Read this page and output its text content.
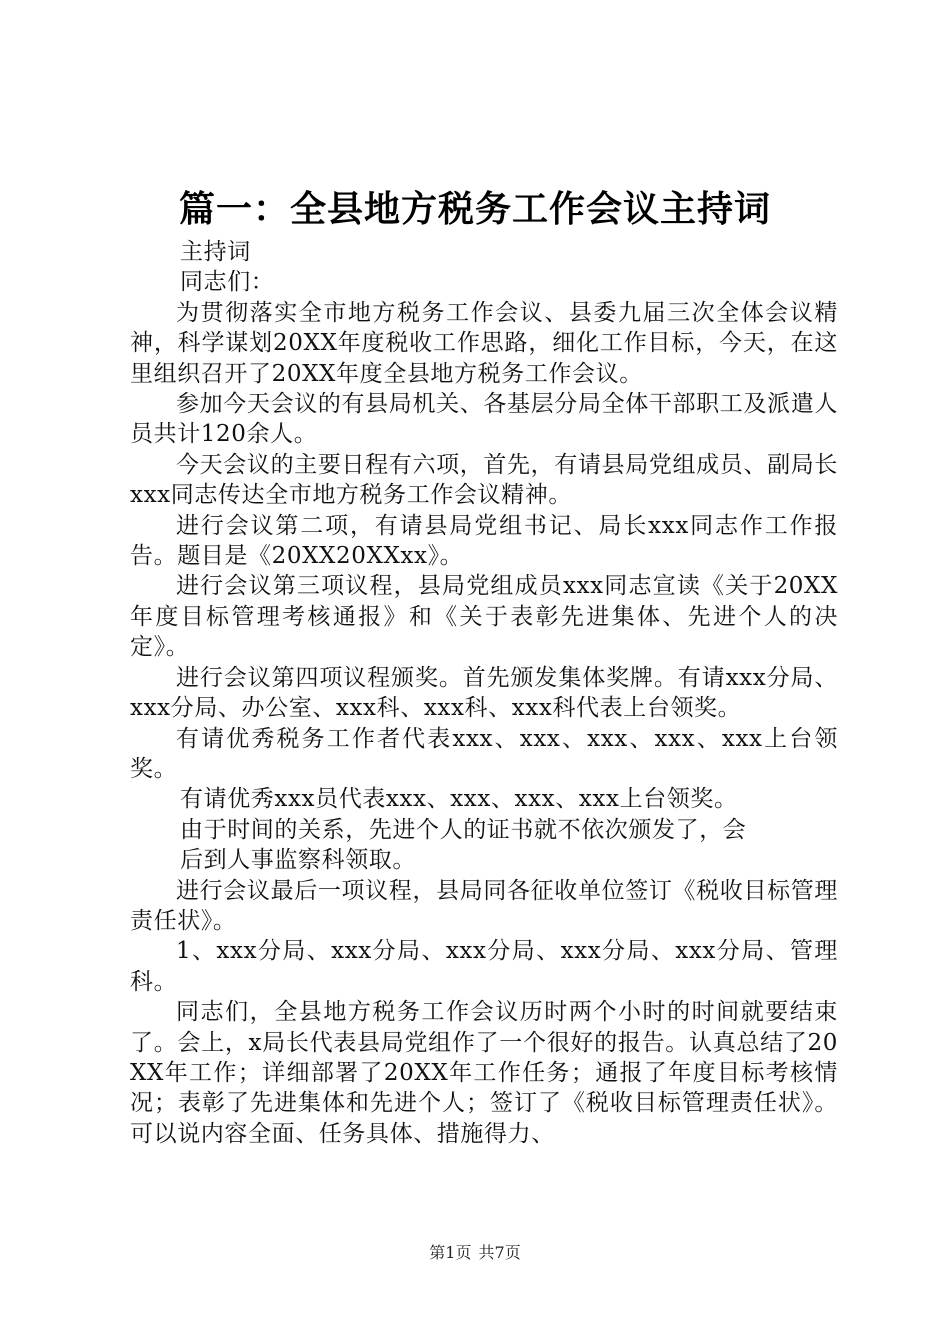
篇一：全县地方税务工作会议主持词

主持词

同志们：

为贯彻落实全市地方税务工作会议、县委九届三次全体会议精神，科学谋划20XX年度税收工作思路，细化工作目标，今天，在这里组织召开了20XX年度全县地方税务工作会议。

参加今天会议的有县局机关、各基层分局全体干部职工及派遣人员共计120余人。

今天会议的主要日程有六项，首先，有请县局党组成员、副局长xxx同志传达全市地方税务工作会议精神。

进行会议第二项，有请县局党组书记、局长xxx同志作工作报告。题目是《20XX20XXxx》。

进行会议第三项议程，县局党组成员xxx同志宣读《关于20XX年度目标管理考核通报》和《关于表彰先进集体、先进个人的决定》。

进行会议第四项议程颁奖。首先颁发集体奖牌。有请xxx分局、xxx分局、办公室、xxx科、xxx科、xxx科代表上台领奖。

有请优秀税务工作者代表xxx、xxx、xxx、xxx、xxx上台领奖。

有请优秀xxx员代表xxx、xxx、xxx、xxx上台领奖。

由于时间的关系，先进个人的证书就不依次颁发了，会

后到人事监察科领取。

进行会议最后一项议程，县局同各征收单位签订《税收目标管理责任状》。

1、xxx分局、xxx分局、xxx分局、xxx分局、xxx分局、管理科。

同志们，全县地方税务工作会议历时两个小时的时间就要结束了。会上，x局长代表县局党组作了一个很好的报告。认真总结了20XX年工作；详细部署了20XX年工作任务；通报了年度目标考核情况；表彰了先进集体和先进个人；签订了《税收目标管理责任状》。可以说内容全面、任务具体、措施得力、

第1页 共7页
